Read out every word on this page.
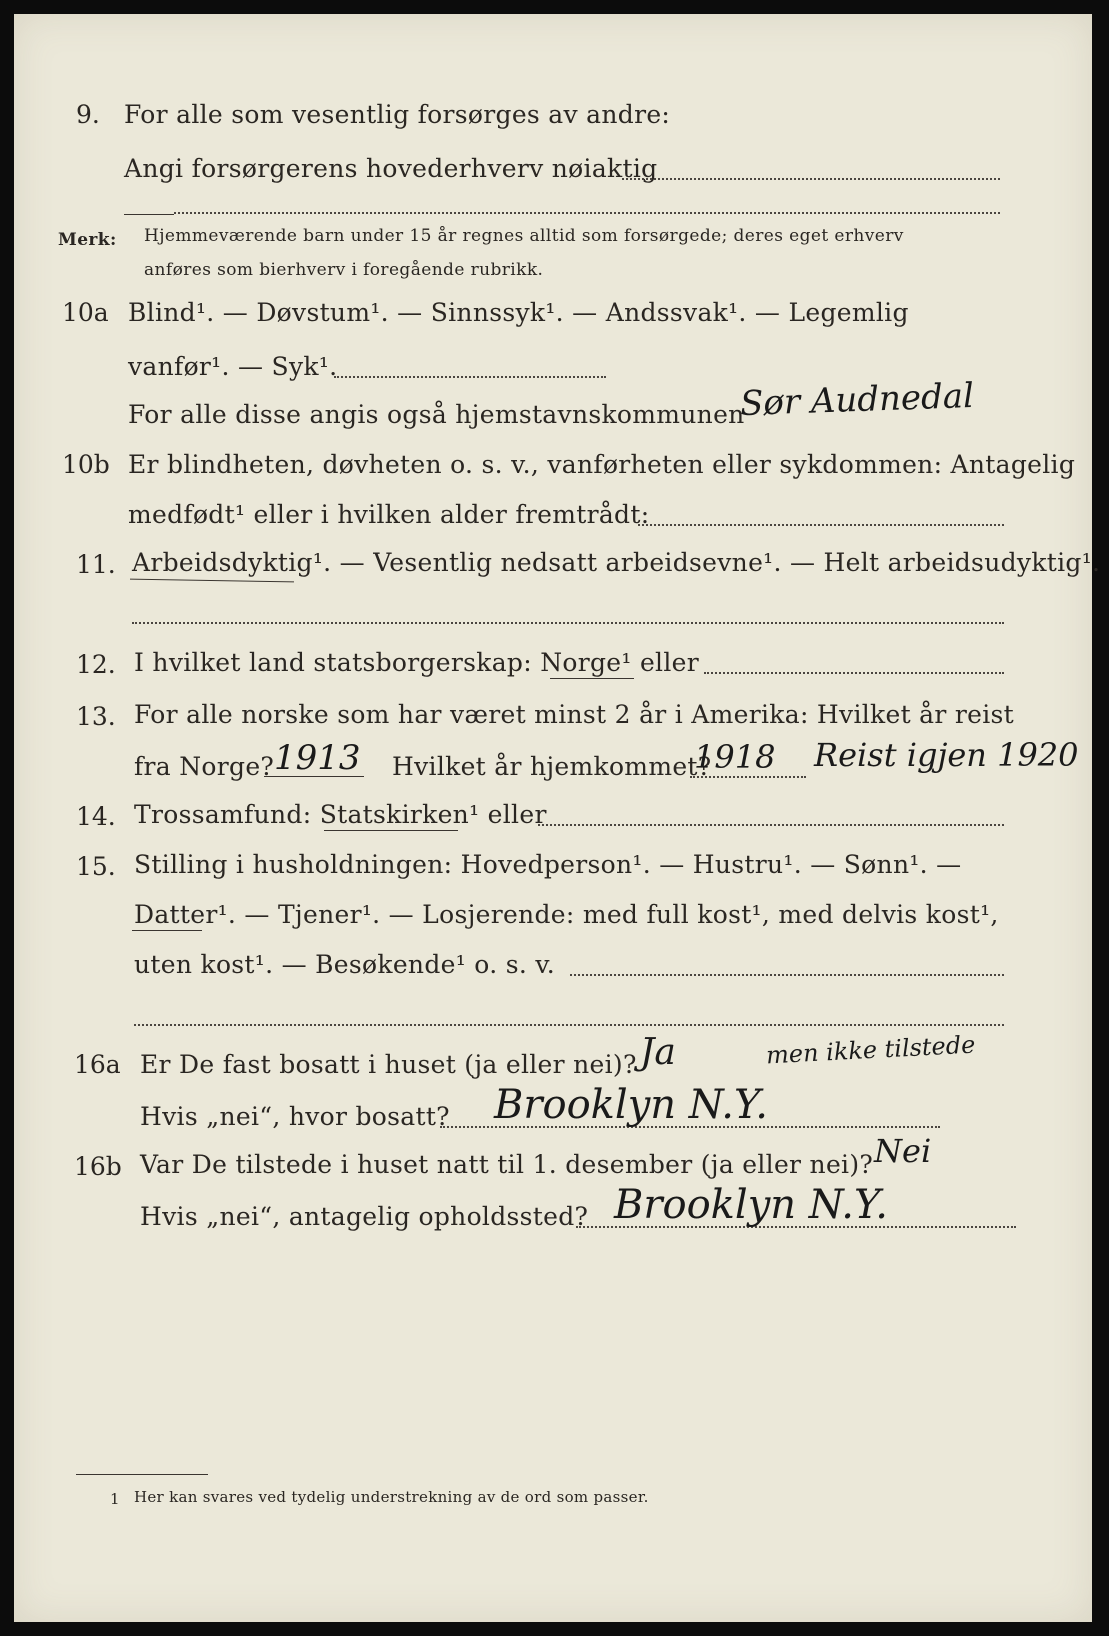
9. For alle som vesentlig forsørges av andre:
Angi forsørgerens hovederhverv nøiaktig
Merk: Hjemmeværende barn under 15 år regnes alltid som forsørgede; deres eget erhverv
anføres som bierhverv i foregående rubrikk.
10a Blind¹. — Døvstum¹. — Sinnssyk¹. — Andssvak¹. — Legemlig
vanfør¹. — Syk¹.
For alle disse angis også hjemstavnskommunen
Sør Audnedal
10b Er blindheten, døvheten o. s. v., vanførheten eller sykdommen: Antagelig
medfødt¹ eller i hvilken alder fremtrådt:
11. Arbeidsdyktig¹. — Vesentlig nedsatt arbeidsevne¹. — Helt arbeidsudyktig¹.
12. I hvilket land statsborgerskap: Norge¹ eller
13. For alle norske som har været minst 2 år i Amerika: Hvilket år reist
fra Norge? 1913 Hvilket år hjemkommet?
1918 Reist igjen 1920
14. Trossamfund: Statskirken¹ eller
15. Stilling i husholdningen: Hovedperson¹. — Hustru¹. — Sønn¹. —
Datter¹. — Tjener¹. — Losjerende: med full kost¹, med delvis kost¹,
uten kost¹. — Besøkende¹ o. s. v.
16a Er De fast bosatt i huset (ja eller nei)? Ja	men ikke tilstede
Hvis „nei“, hvor bosatt? Brooklyn N.Y.
16b Var De tilstede i huset natt til 1. desember (ja eller nei)? Nei
Hvis „nei“, antagelig opholdssted? Brooklyn N.Y.
1 Her kan svares ved tydelig understrekning av de ord som passer.
